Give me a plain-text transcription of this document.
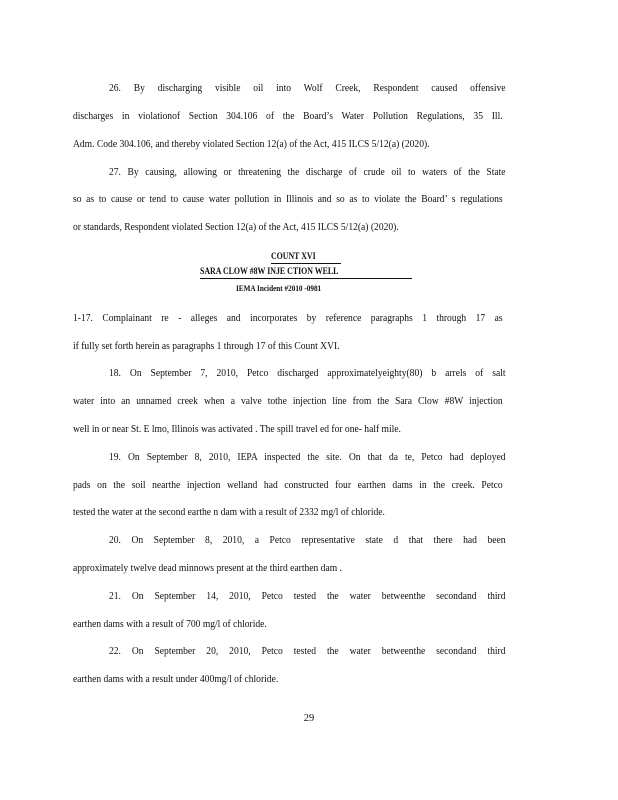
26. By discharging visible oil into Wolf Creek, Respondent caused offensive
discharges in violationof Section 304.106 of the Board’s Water Pollution Regulations, 35 Ill.
Adm. Code 304.106, and thereby violated Section 12(a) of the Act, 415 ILCS 5/12(a) (2020).
27. By causing, allowing or threatening the discharge of crude oil to waters of the State
so as to cause or tend to cause water pollution in Illinois and so as to violate the Board’ s regulations
or standards, Respondent violated Section 12(a) of the Act, 415 ILCS 5/12(a) (2020).
COUNT XVI
SARA CLOW #8W INJE CTION WELL
IEMA Incident #2010 -0981
1-17. Complainant re - alleges and incorporates by reference paragraphs 1 through 17 as
if fully set forth herein as paragraphs 1 through 17 of this Count XVI.
18. On September 7, 2010, Petco discharged approximatelyeighty(80) b arrels of salt
water into an unnamed creek when a valve tothe injection line from the Sara Clow #8W injection
well in or near St. E lmo, Illinois was activated . The spill travel ed for one- half mile.
19. On September 8, 2010, IEPA inspected the site. On that da te, Petco had deployed
pads on the soil nearthe injection welland had constructed four earthen dams in the creek. Petco
tested the water at the second earthe n dam with a result of 2332 mg/l of chloride.
20. On September 8, 2010, a Petco representative state d that there had been
approximately twelve dead minnows present at the third earthen dam .
21. On September 14, 2010, Petco tested the water betweenthe secondand third
earthen dams with a result of 700 mg/l of chloride.
22. On September 20, 2010, Petco tested the water betweenthe secondand third
earthen dams with a result under 400mg/l of chloride.
29
